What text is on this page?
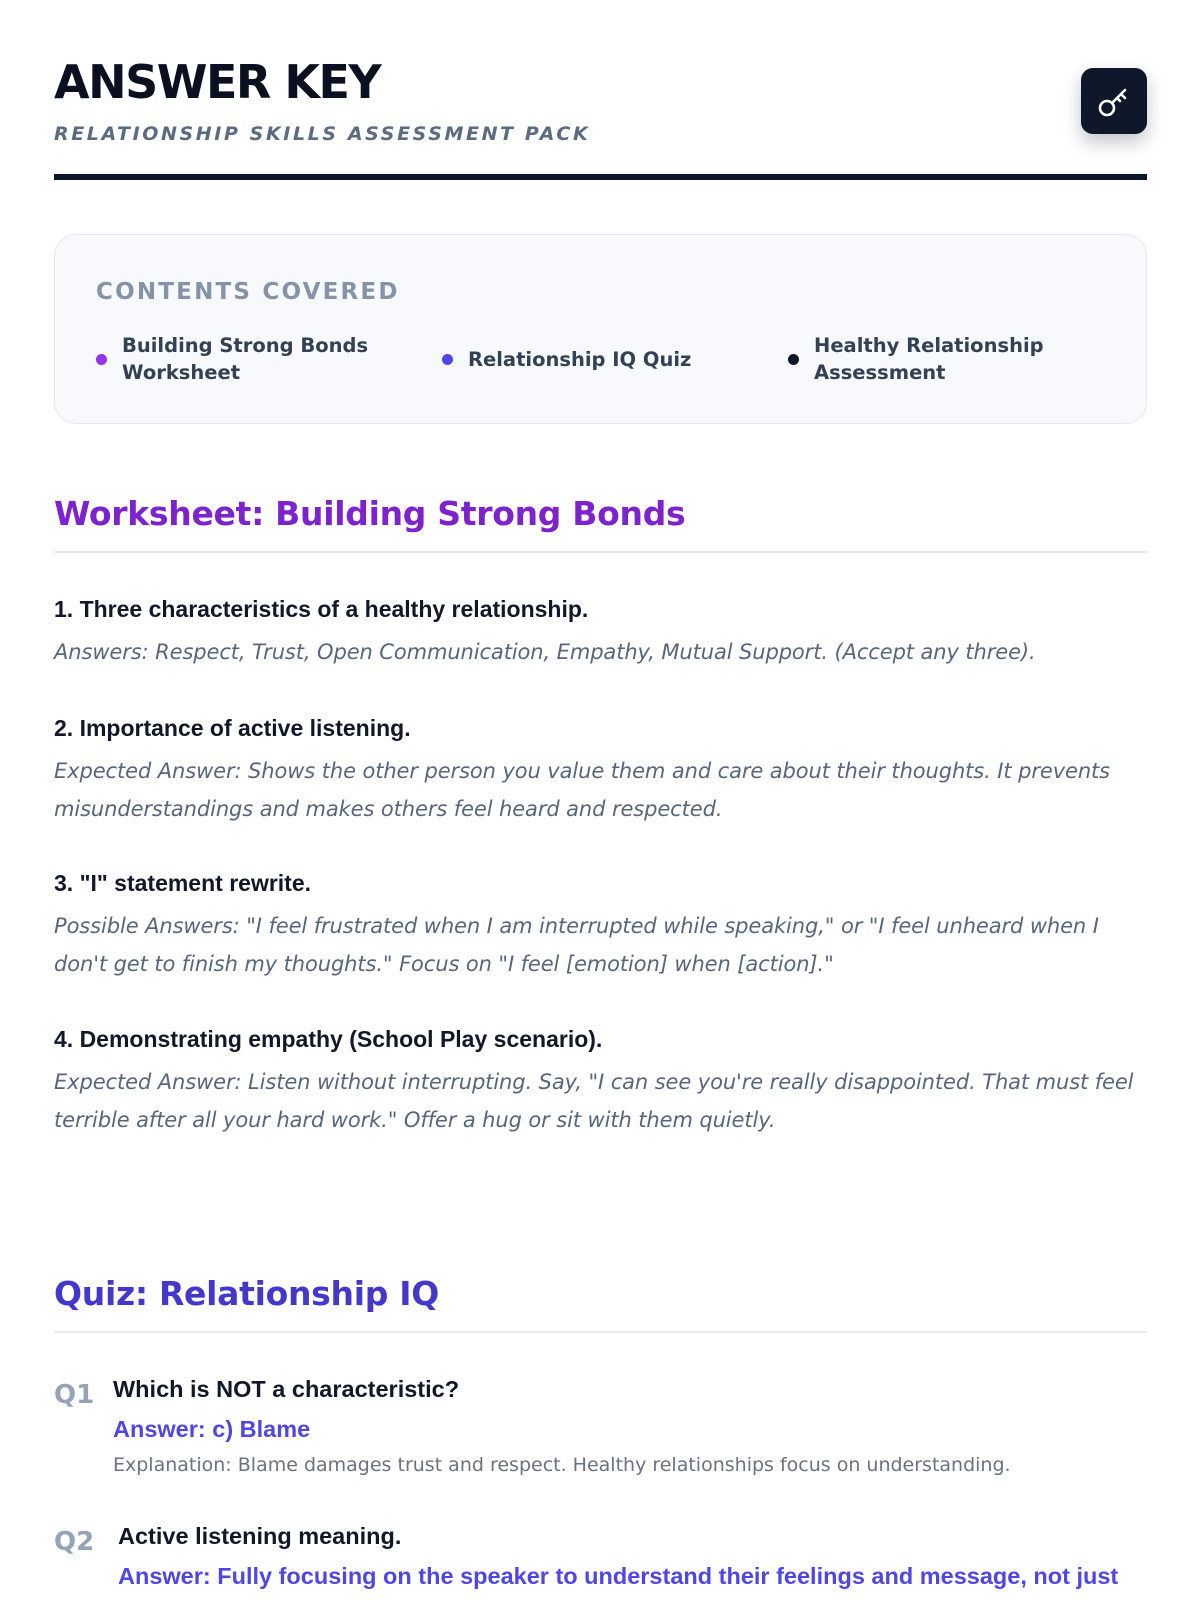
ANSWER KEY
RELATIONSHIP SKILLS ASSESSMENT PACK
CONTENTS COVERED
Building Strong Bonds Worksheet
Relationship IQ Quiz
Healthy Relationship Assessment
Worksheet: Building Strong Bonds
1. Three characteristics of a healthy relationship.
Answers: Respect, Trust, Open Communication, Empathy, Mutual Support. (Accept any three).
2. Importance of active listening.
Expected Answer: Shows the other person you value them and care about their thoughts. It prevents misunderstandings and makes others feel heard and respected.
3. "I" statement rewrite.
Possible Answers: "I feel frustrated when I am interrupted while speaking," or "I feel unheard when I don't get to finish my thoughts." Focus on "I feel [emotion] when [action]."
4. Demonstrating empathy (School Play scenario).
Expected Answer: Listen without interrupting. Say, "I can see you're really disappointed. That must feel terrible after all your hard work." Offer a hug or sit with them quietly.
Quiz: Relationship IQ
Q1 Which is NOT a characteristic?
Answer: c) Blame
Explanation: Blame damages trust and respect. Healthy relationships focus on understanding.
Q2 Active listening meaning.
Answer: Fully focusing on the speaker to understand their feelings and message, not just
